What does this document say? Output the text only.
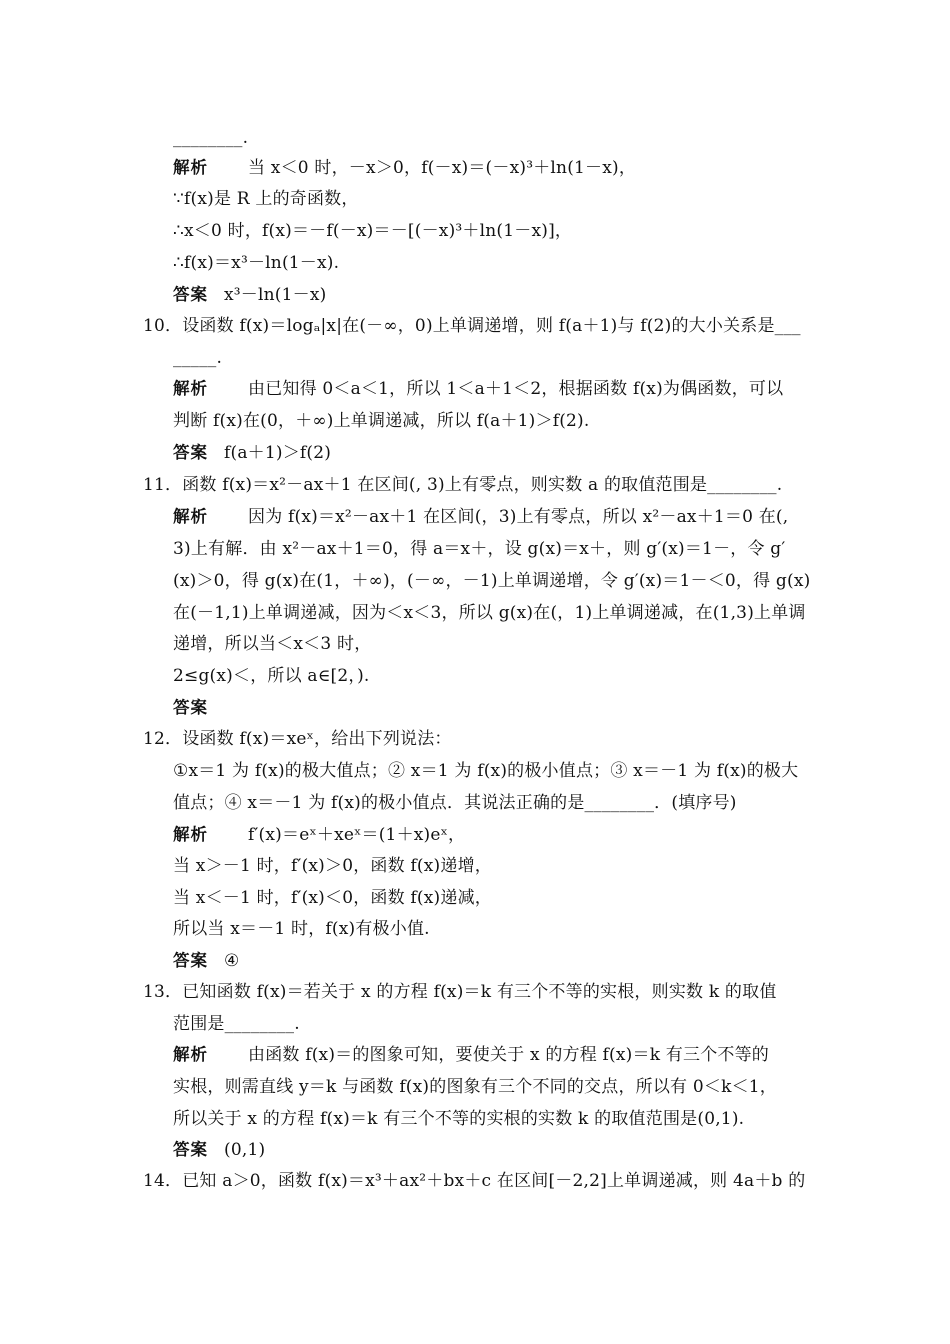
________.
解析 当 x＜0 时，－x＞0，f(－x)＝(－x)³＋ln(1－x)，
∵f(x)是 R 上的奇函数，
∴x＜0 时，f(x)＝－f(－x)＝－[(－x)³＋ln(1－x)]，
∴f(x)＝x³－ln(1－x).
答案 x³－ln(1－x)
10．设函数 f(x)＝logₐ|x|在(－∞，0)上单调递增，则 f(a＋1)与 f(2)的大小关系是___
_____.
解析 由已知得 0＜a＜1，所以 1＜a＋1＜2，根据函数 f(x)为偶函数，可以
判断 f(x)在(0，＋∞)上单调递减，所以 f(a＋1)＞f(2).
答案 f(a＋1)＞f(2)
11．函数 f(x)＝x²－ax＋1 在区间(, 3)上有零点，则实数 a 的取值范围是________.
解析 因为 f(x)＝x²－ax＋1 在区间(，3)上有零点，所以 x²－ax＋1＝0 在(,
3)上有解．由 x²－ax＋1＝0，得 a＝x＋，设 g(x)＝x＋，则 g′(x)＝1－，令 g′
(x)＞0，得 g(x)在(1，＋∞)，(－∞，－1)上单调递增，令 g′(x)＝1－＜0，得 g(x)
在(－1,1)上单调递减，因为＜x＜3，所以 g(x)在(，1)上单调递减，在(1,3)上单调
递增，所以当＜x＜3 时，
2≤g(x)＜，所以 a∈[2，).
答案
12．设函数 f(x)＝xeˣ，给出下列说法：
①x＝1 为 f(x)的极大值点；② x＝1 为 f(x)的极小值点；③ x＝－1 为 f(x)的极大
值点；④ x＝－1 为 f(x)的极小值点．其说法正确的是________．(填序号)
解析 f′(x)＝eˣ＋xeˣ＝(1＋x)eˣ，
当 x＞－1 时，f′(x)＞0，函数 f(x)递增，
当 x＜－1 时，f′(x)＜0，函数 f(x)递减，
所以当 x＝－1 时，f(x)有极小值.
答案 ④
13．已知函数 f(x)＝若关于 x 的方程 f(x)＝k 有三个不等的实根，则实数 k 的取值
范围是________.
解析 由函数 f(x)＝的图象可知，要使关于 x 的方程 f(x)＝k 有三个不等的
实根，则需直线 y＝k 与函数 f(x)的图象有三个不同的交点，所以有 0＜k＜1，
所以关于 x 的方程 f(x)＝k 有三个不等的实根的实数 k 的取值范围是(0,1).
答案 (0,1)
14．已知 a＞0，函数 f(x)＝x³＋ax²＋bx＋c 在区间[－2,2]上单调递减，则 4a＋b 的
